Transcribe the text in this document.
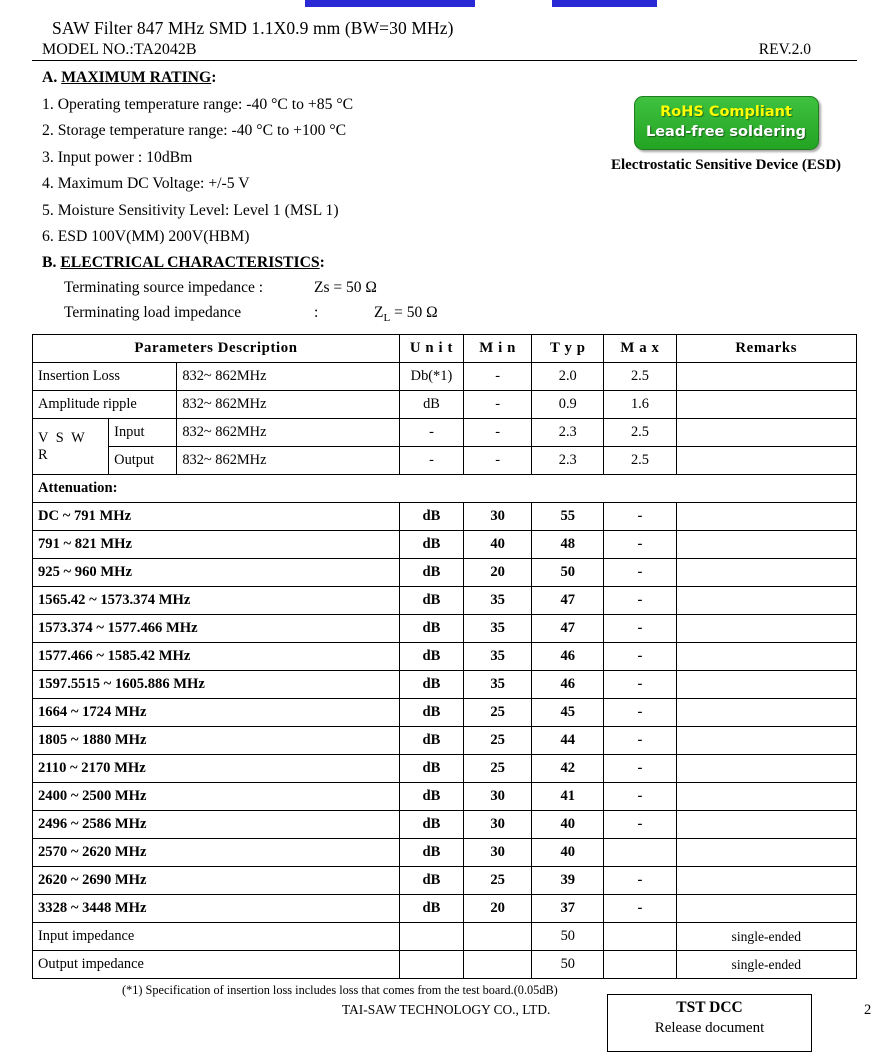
SAW Filter 847 MHz SMD 1.1X0.9 mm (BW=30 MHz)
MODEL NO.:TA2042B	REV.2.0
A. MAXIMUM RATING:
1. Operating temperature range: -40 °C to +85 °C
2. Storage temperature range: -40 °C to +100 °C
3. Input power : 10dBm
4. Maximum DC Voltage: +/-5 V
5. Moisture Sensitivity Level: Level 1 (MSL 1)
6. ESD 100V(MM) 200V(HBM)
RoHS Compliant
Lead-free soldering
Electrostatic Sensitive Device (ESD)
B. ELECTRICAL CHARACTERISTICS:
Terminating source impedance :	Zs = 50 Ω
Terminating load impedance	:	$Z_L = 50$ Ω
Parameters Description			U n i t	M i n	T y p	M a x	Remarks
Insertion Loss		832~ 862MHz	Db(*1)	-	2.0	2.5	
Amplitude ripple		832~ 862MHz	dB	-	0.9	1.6	
V S W R	Input	832~ 862MHz	-	-	2.3	2.5	
	Output	832~ 862MHz	-	-	2.3	2.5	
Attenuation:							
DC ~ 791 MHz			dB	30	55	-	
791 ~ 821 MHz			dB	40	48	-	
925 ~ 960 MHz			dB	20	50	-	
1565.42 ~ 1573.374 MHz			dB	35	47	-	
1573.374 ~ 1577.466 MHz			dB	35	47	-	
1577.466 ~ 1585.42 MHz			dB	35	46	-	
1597.5515 ~ 1605.886 MHz			dB	35	46	-	
1664 ~ 1724 MHz			dB	25	45	-	
1805 ~ 1880 MHz			dB	25	44	-	
2110 ~ 2170 MHz			dB	25	42	-	
2400 ~ 2500 MHz			dB	30	41	-	
2496 ~ 2586 MHz			dB	30	40	-	
2570 ~ 2620 MHz			dB	30	40		
2620 ~ 2690 MHz			dB	25	39	-	
3328 ~ 3448 MHz			dB	20	37	-	
Input impedance					50		single-ended
Output impedance					50		single-ended
(*1) Specification of insertion loss includes loss that comes from the test board.(0.05dB)
TAI-SAW TECHNOLOGY CO., LTD.	TST DCC
Release document
2
